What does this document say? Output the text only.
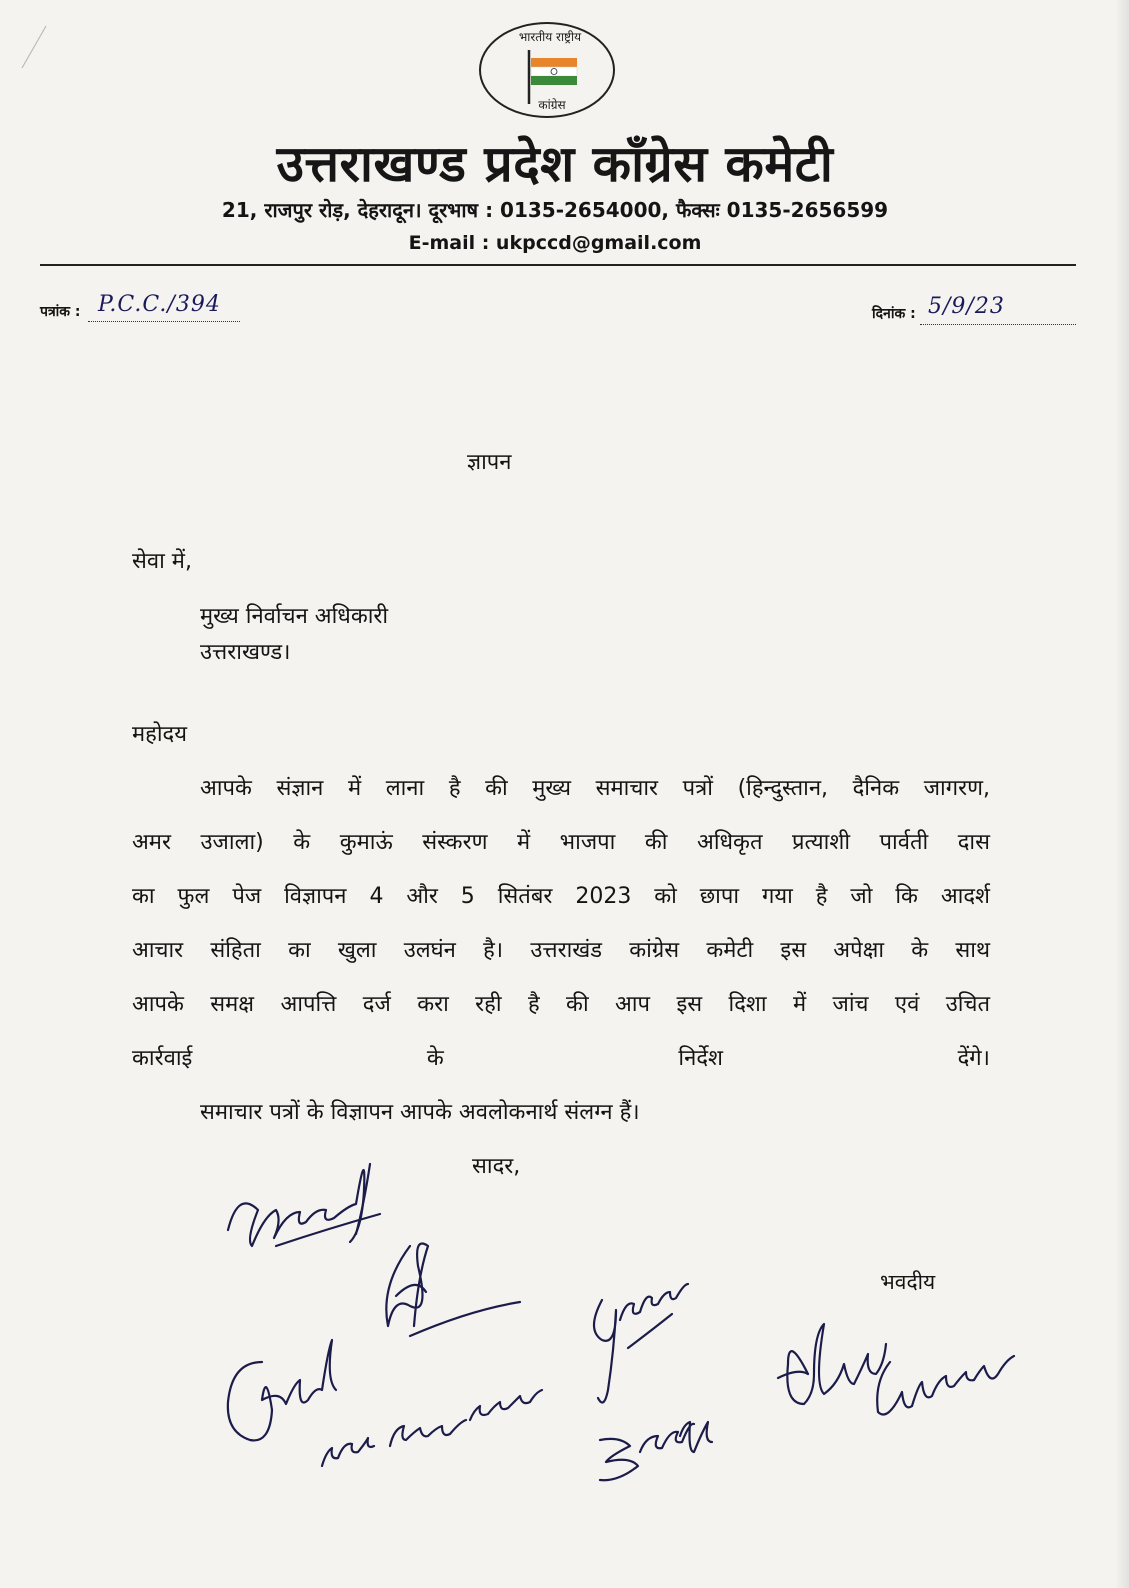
भारतीय राष्ट्रीय
कांग्रेस
उत्तराखण्ड प्रदेश कॉंग्रेस कमेटी
21, राजपुर रोड़, देहरादून। दूरभाष : 0135-2654000, फैक्सः 0135-2656599
E-mail : ukpccd@gmail.com
पत्रांक : P.C.C./394	दिनांक : 5/9/23
ज्ञापन
सेवा में,
मुख्य निर्वाचन अधिकारी
उत्तराखण्ड।
महोदय
आपके संज्ञान में लाना है की मुख्य समाचार पत्रों (हिन्दुस्तान, दैनिक जागरण,
अमर उजाला) के कुमाऊं संस्करण में भाजपा की अधिकृत प्रत्याशी पार्वती दास
का फुल पेज विज्ञापन 4 और 5 सितंबर 2023 को छापा गया है जो कि आदर्श
आचार संहिता का खुला उलघंन है। उत्तराखंड कांग्रेस कमेटी इस अपेक्षा के साथ
आपके समक्ष आपत्ति दर्ज करा रही है की आप इस दिशा में जांच एवं उचित
कार्रवाई के निर्देश देंगे।
समाचार पत्रों के विज्ञापन आपके अवलोकनार्थ संलग्न हैं।
सादर,
भवदीय
